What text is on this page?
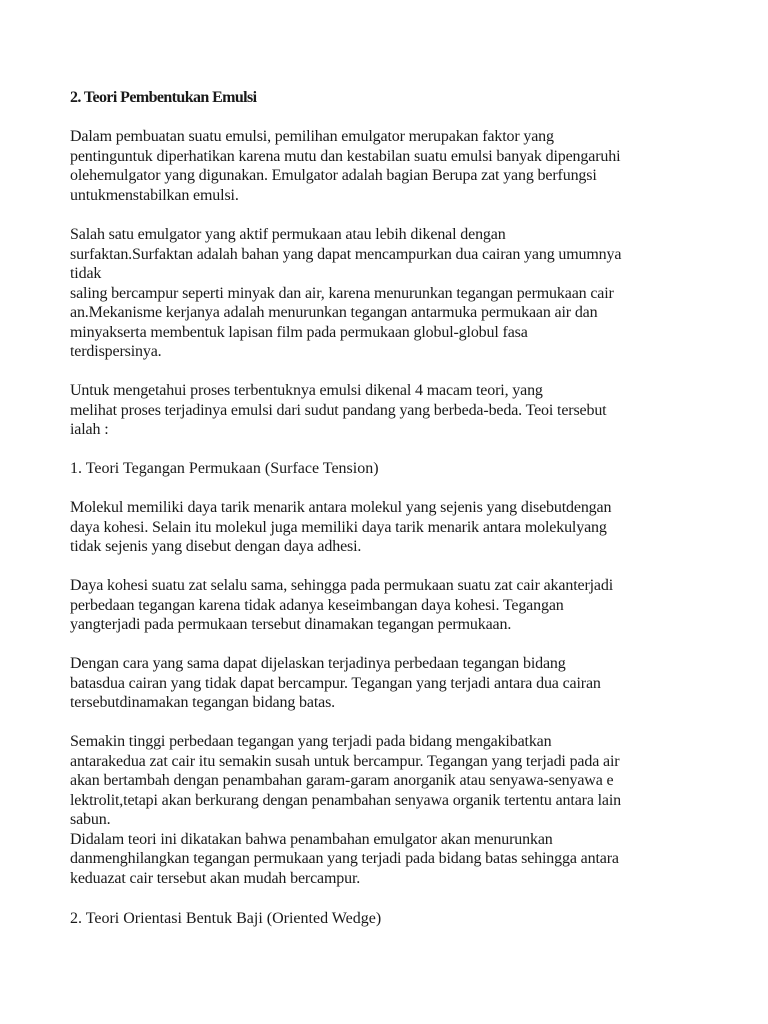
2. Teori Pembentukan Emulsi

Dalam pembuatan suatu emulsi, pemilihan emulgator merupakan faktor yang
pentinguntuk diperhatikan karena mutu dan kestabilan suatu emulsi banyak dipengaruhi
olehemulgator yang digunakan. Emulgator adalah bagian Berupa zat yang berfungsi
untukmenstabilkan emulsi.

Salah satu emulgator yang aktif permukaan atau lebih dikenal dengan
surfaktan.Surfaktan adalah bahan yang dapat mencampurkan dua cairan yang umumnya
tidak
saling bercampur seperti minyak dan air, karena menurunkan tegangan permukaan cair
an.Mekanisme kerjanya adalah menurunkan tegangan antarmuka permukaan air dan
minyakserta membentuk lapisan film pada permukaan globul-globul fasa
terdispersinya.

Untuk mengetahui proses terbentuknya emulsi dikenal 4 macam teori, yang
melihat proses terjadinya emulsi dari sudut pandang yang berbeda-beda. Teoi tersebut
ialah :

1. Teori Tegangan Permukaan (Surface Tension)

Molekul memiliki daya tarik menarik antara molekul yang sejenis yang disebutdengan
daya kohesi. Selain itu molekul juga memiliki daya tarik menarik antara molekulyang
tidak sejenis yang disebut dengan daya adhesi.

Daya kohesi suatu zat selalu sama, sehingga pada permukaan suatu zat cair akanterjadi
perbedaan tegangan karena tidak adanya keseimbangan daya kohesi. Tegangan
yangterjadi pada permukaan tersebut dinamakan tegangan permukaan.

Dengan cara yang sama dapat dijelaskan terjadinya perbedaan tegangan bidang
batasdua cairan yang tidak dapat bercampur. Tegangan yang terjadi antara dua cairan
tersebutdinamakan tegangan bidang batas.

Semakin tinggi perbedaan tegangan yang terjadi pada bidang mengakibatkan
antarakedua zat cair itu semakin susah untuk bercampur. Tegangan yang terjadi pada air
akan bertambah dengan penambahan garam-garam anorganik atau senyawa-senyawa e
lektrolit,tetapi akan berkurang dengan penambahan senyawa organik tertentu antara lain
sabun.
Didalam teori ini dikatakan bahwa penambahan emulgator akan menurunkan
danmenghilangkan tegangan permukaan yang terjadi pada bidang batas sehingga antara
keduazat cair tersebut akan mudah bercampur.

2. Teori Orientasi Bentuk Baji (Oriented Wedge)
